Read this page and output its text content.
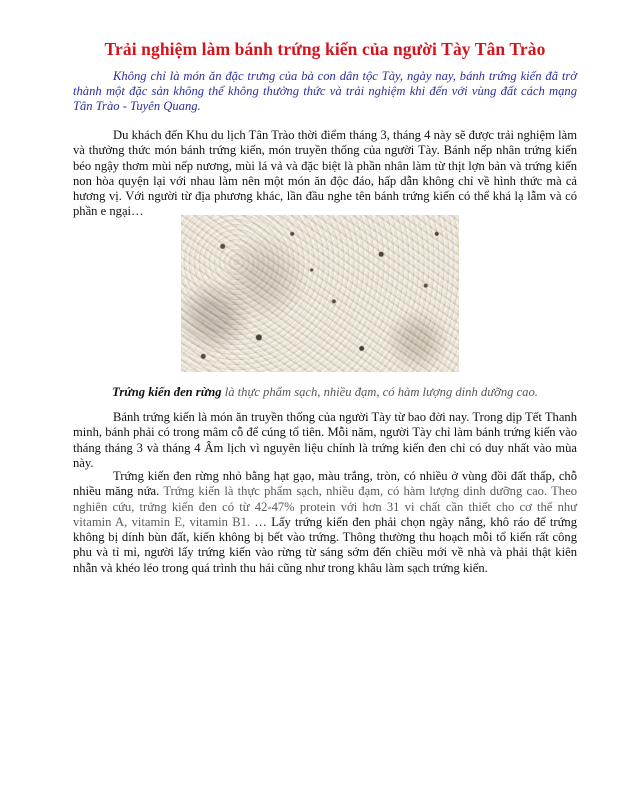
Trải nghiệm làm bánh trứng kiến của người Tày Tân Trào

Không chỉ là món ăn đặc trưng của bà con dân tộc Tày, ngày nay, bánh trứng kiến đã trở thành một đặc sản không thể không thưởng thức và trải nghiệm khi đến với vùng đất cách mạng Tân Trào - Tuyên Quang.

Du khách đến Khu du lịch Tân Trào thời điểm tháng 3, tháng 4 này sẽ được trải nghiệm làm và thưởng thức món bánh trứng kiến, món truyền thống của người Tày. Bánh nếp nhân trứng kiến béo ngậy thơm mùi nếp nương, mùi lá vả và đặc biệt là phần nhân làm từ thịt lợn bản và trứng kiến non hòa quyện lại với nhau làm nên một món ăn độc đáo, hấp dẫn không chỉ về hình thức mà cả hương vị. Với người từ địa phương khác, lần đầu nghe tên bánh trứng kiến có thể khá lạ lẫm và có phần e ngại…

Trứng kiến đen rừng là thực phẩm sạch, nhiều đạm, có hàm lượng dinh dưỡng cao.

Bánh trứng kiến là món ăn truyền thống của người Tày từ bao đời nay. Trong dịp Tết Thanh minh, bánh phải có trong mâm cỗ để cúng tổ tiên. Mỗi năm, người Tày chỉ làm bánh trứng kiến vào tháng tháng 3 và tháng 4 Âm lịch vì nguyên liệu chính là trứng kiến đen chỉ có duy nhất vào mùa này.

Trứng kiến đen rừng nhỏ bằng hạt gạo, màu trắng, tròn, có nhiều ở vùng đồi đất thấp, chỗ nhiều măng nứa. Trứng kiến là thực phẩm sạch, nhiều đạm, có hàm lượng dinh dưỡng cao. Theo nghiên cứu, trứng kiến đen có từ 42-47% protein với hơn 31 vi chất cần thiết cho cơ thể như vitamin A, vitamin E, vitamin B1. … Lấy trứng kiến đen phải chọn ngày nắng, khô ráo để trứng không bị dính bùn đất, kiến không bị bết vào trứng. Thông thường thu hoạch mỗi tổ kiến rất công phu và tỉ mỉ, người lấy trứng kiến vào rừng từ sáng sớm đến chiều mới về nhà và phải thật kiên nhẫn và khéo léo trong quá trình thu hái cũng như trong khâu làm sạch trứng kiến.
